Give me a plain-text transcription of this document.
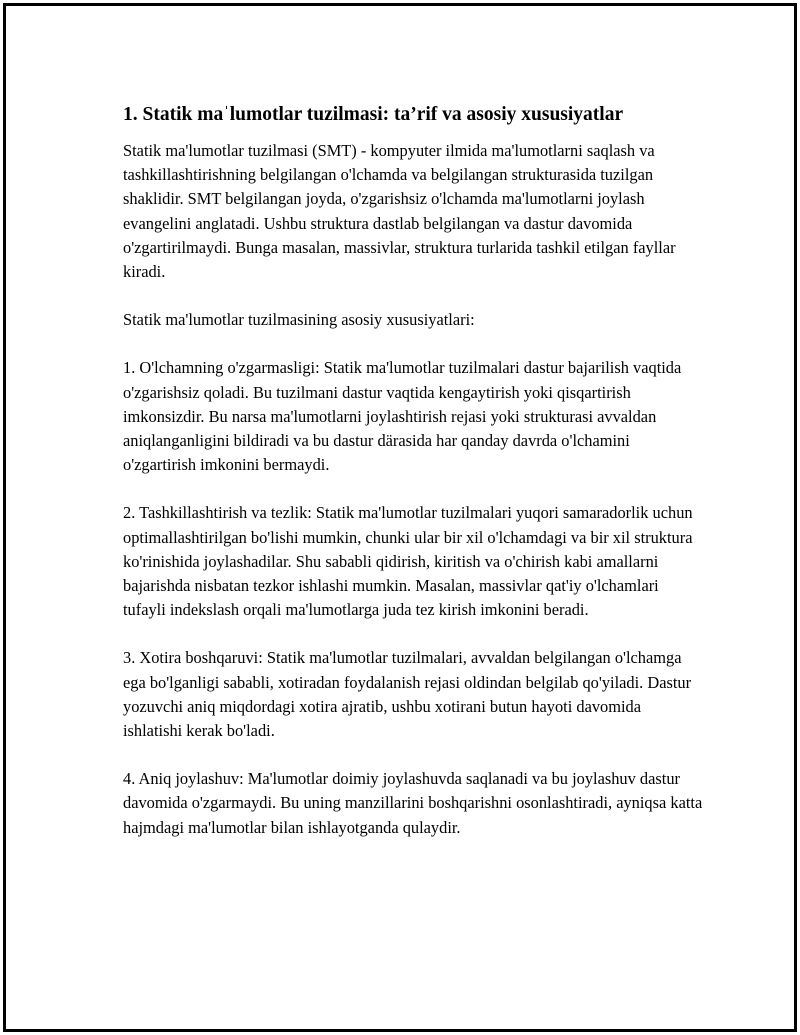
1. Statik maˈlumotlar tuzilmasi: ta’rif va asosiy xususiyatlar

Statik ma'lumotlar tuzilmasi (SMT) - kompyuter ilmida ma'lumotlarni saqlash va tashkillashtirishning belgilangan o'lchamda va belgilangan strukturasida tuzilgan shaklidir. SMT belgilangan joyda, o'zgarishsiz o'lchamda ma'lumotlarni joylash evangelini anglatadi. Ushbu struktura dastlab belgilangan va dastur davomida o'zgartirilmaydi. Bunga masalan, massivlar, struktura turlarida tashkil etilgan fayllar kiradi.

Statik ma'lumotlar tuzilmasining asosiy xususiyatlari:

1. O'lchamning o'zgarmasligi: Statik ma'lumotlar tuzilmalari dastur bajarilish vaqtida o'zgarishsiz qoladi. Bu tuzilmani dastur vaqtida kengaytirish yoki qisqartirish imkonsizdir. Bu narsa ma'lumotlarni joylashtirish rejasi yoki strukturasi avvaldan aniqlanganligini bildiradi va bu dastur därasida har qanday davrda o'lchamini o'zgartirish imkonini bermaydi.

2. Tashkillashtirish va tezlik: Statik ma'lumotlar tuzilmalari yuqori samaradorlik uchun optimallashtirilgan bo'lishi mumkin, chunki ular bir xil o'lchamdagi va bir xil struktura ko'rinishida joylashadilar. Shu sababli qidirish, kiritish va o'chirish kabi amallarni bajarishda nisbatan tezkor ishlashi mumkin. Masalan, massivlar qat'iy o'lchamlari tufayli indekslash orqali ma'lumotlarga juda tez kirish imkonini beradi.

3. Xotira boshqaruvi: Statik ma'lumotlar tuzilmalari, avvaldan belgilangan o'lchamga ega bo'lganligi sababli, xotiradan foydalanish rejasi oldindan belgilab qo'yiladi. Dastur yozuvchi aniq miqdordagi xotira ajratib, ushbu xotirani butun hayoti davomida ishlatishi kerak bo'ladi.

4. Aniq joylashuv: Ma'lumotlar doimiy joylashuvda saqlanadi va bu joylashuv dastur davomida o'zgarmaydi. Bu uning manzillarini boshqarishni osonlashtiradi, ayniqsa katta hajmdagi ma'lumotlar bilan ishlayotganda qulaydir.
